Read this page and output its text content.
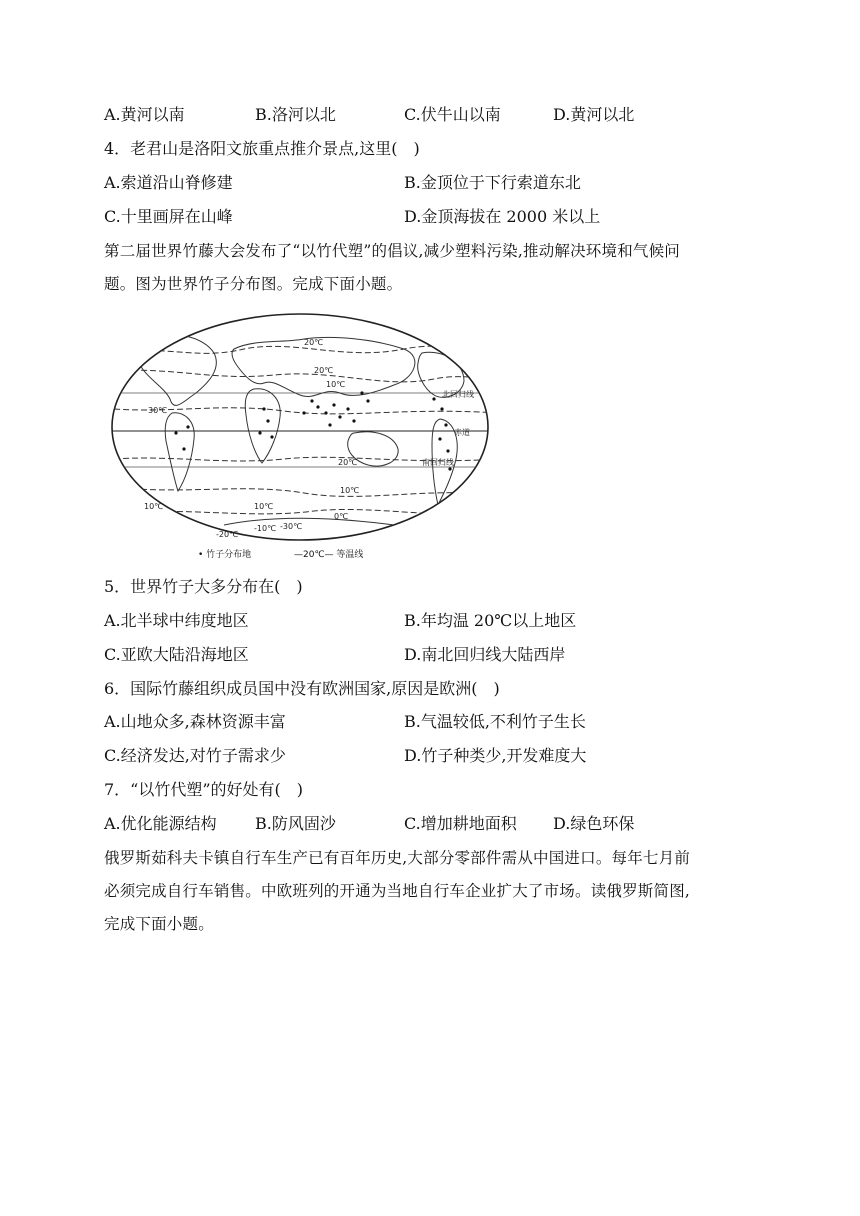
A.黄河以南	B.洛河以北	C.伏牛山以南	D.黄河以北
4．老君山是洛阳文旅重点推介景点,这里( )
A.索道沿山脊修建	B.金顶位于下行索道东北
C.十里画屏在山峰	D.金顶海拔在 2000 米以上
第二届世界竹藤大会发布了“以竹代塑”的倡议,减少塑料污染,推动解决环境和气候问
题。图为世界竹子分布图。完成下面小题。
20℃
20℃
10℃
30℃
20℃
10℃
10℃	10℃
0℃
-10℃
-20℃
-30℃
北回归线
赤道
南回归线
• 竹子分布地	—20℃— 等温线
5．世界竹子大多分布在( )
A.北半球中纬度地区	B.年均温 20℃以上地区
C.亚欧大陆沿海地区	D.南北回归线大陆西岸
6．国际竹藤组织成员国中没有欧洲国家,原因是欧洲( )
A.山地众多,森林资源丰富	B.气温较低,不利竹子生长
C.经济发达,对竹子需求少	D.竹子种类少,开发难度大
7．“以竹代塑”的好处有( )
A.优化能源结构 B.防风固沙	C.增加耕地面积 D.绿色环保
俄罗斯茹科夫卡镇自行车生产已有百年历史,大部分零部件需从中国进口。每年七月前
必须完成自行车销售。中欧班列的开通为当地自行车企业扩大了市场。读俄罗斯简图,
完成下面小题。
